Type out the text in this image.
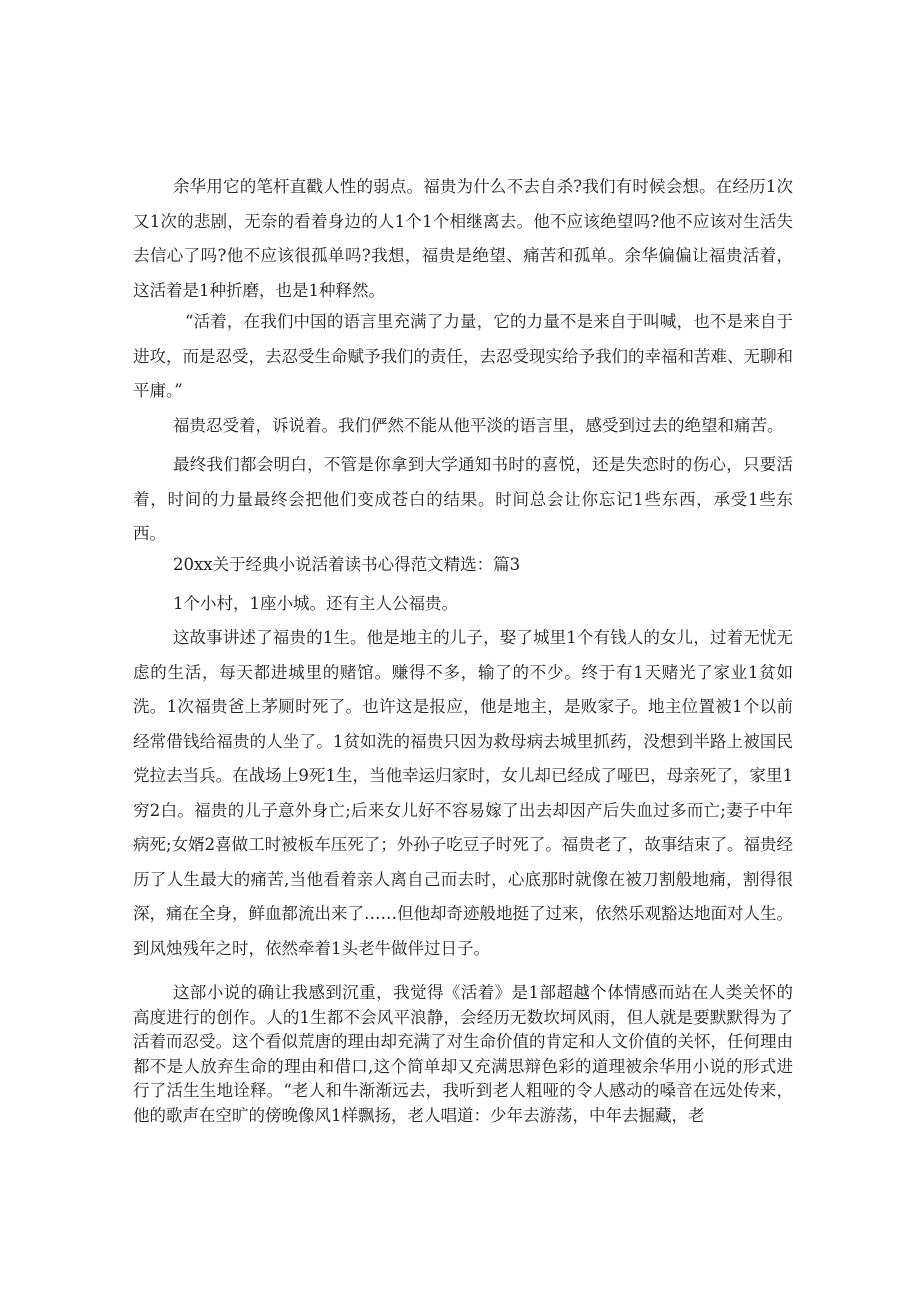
余华用它的笔杆直戳人性的弱点。福贵为什么不去自杀?我们有时候会想。在经历1次又1次的悲剧，无奈的看着身边的人1个1个相继离去。他不应该绝望吗?他不应该对生活失去信心了吗?他不应该很孤单吗?我想，福贵是绝望、痛苦和孤单。余华偏偏让福贵活着，这活着是1种折磨，也是1种释然。

“活着，在我们中国的语言里充满了力量，它的力量不是来自于叫喊，也不是来自于进攻，而是忍受，去忍受生命赋予我们的责任，去忍受现实给予我们的幸福和苦难、无聊和平庸。”

福贵忍受着，诉说着。我们俨然不能从他平淡的语言里，感受到过去的绝望和痛苦。

最终我们都会明白，不管是你拿到大学通知书时的喜悦，还是失恋时的伤心，只要活着，时间的力量最终会把他们变成苍白的结果。时间总会让你忘记1些东西，承受1些东西。

20xx关于经典小说活着读书心得范文精选：篇3

1个小村，1座小城。还有主人公福贵。

这故事讲述了福贵的1生。他是地主的儿子，娶了城里1个有钱人的女儿，过着无忧无虑的生活，每天都进城里的赌馆。赚得不多，输了的不少。终于有1天赌光了家业1贫如洗。1次福贵爸上茅厕时死了。也许这是报应，他是地主，是败家子。地主位置被1个以前经常借钱给福贵的人坐了。1贫如洗的福贵只因为救母病去城里抓药，没想到半路上被国民党拉去当兵。在战场上9死1生，当他幸运归家时，女儿却已经成了哑巴，母亲死了，家里1穷2白。福贵的儿子意外身亡;后来女儿好不容易嫁了出去却因产后失血过多而亡;妻子中年病死;女婿2喜做工时被板车压死了；外孙子吃豆子时死了。福贵老了，故事结束了。福贵经历了人生最大的痛苦,当他看着亲人离自己而去时，心底那时就像在被刀割般地痛，割得很深，痛在全身，鲜血都流出来了……但他却奇迹般地挺了过来，依然乐观豁达地面对人生。到风烛残年之时，依然牵着1头老牛做伴过日子。

这部小说的确让我感到沉重，我觉得《活着》是1部超越个体情感而站在人类关怀的高度进行的创作。人的1生都不会风平浪静，会经历无数坎坷风雨，但人就是要默默得为了活着而忍受。这个看似荒唐的理由却充满了对生命价值的肯定和人文价值的关怀，任何理由都不是人放弃生命的理由和借口,这个简单却又充满思辩色彩的道理被余华用小说的形式进行了活生生地诠释。“老人和牛渐渐远去，我听到老人粗哑的令人感动的嗓音在远处传来，他的歌声在空旷的傍晚像风1样飘扬，老人唱道：少年去游荡，中年去掘藏，老
